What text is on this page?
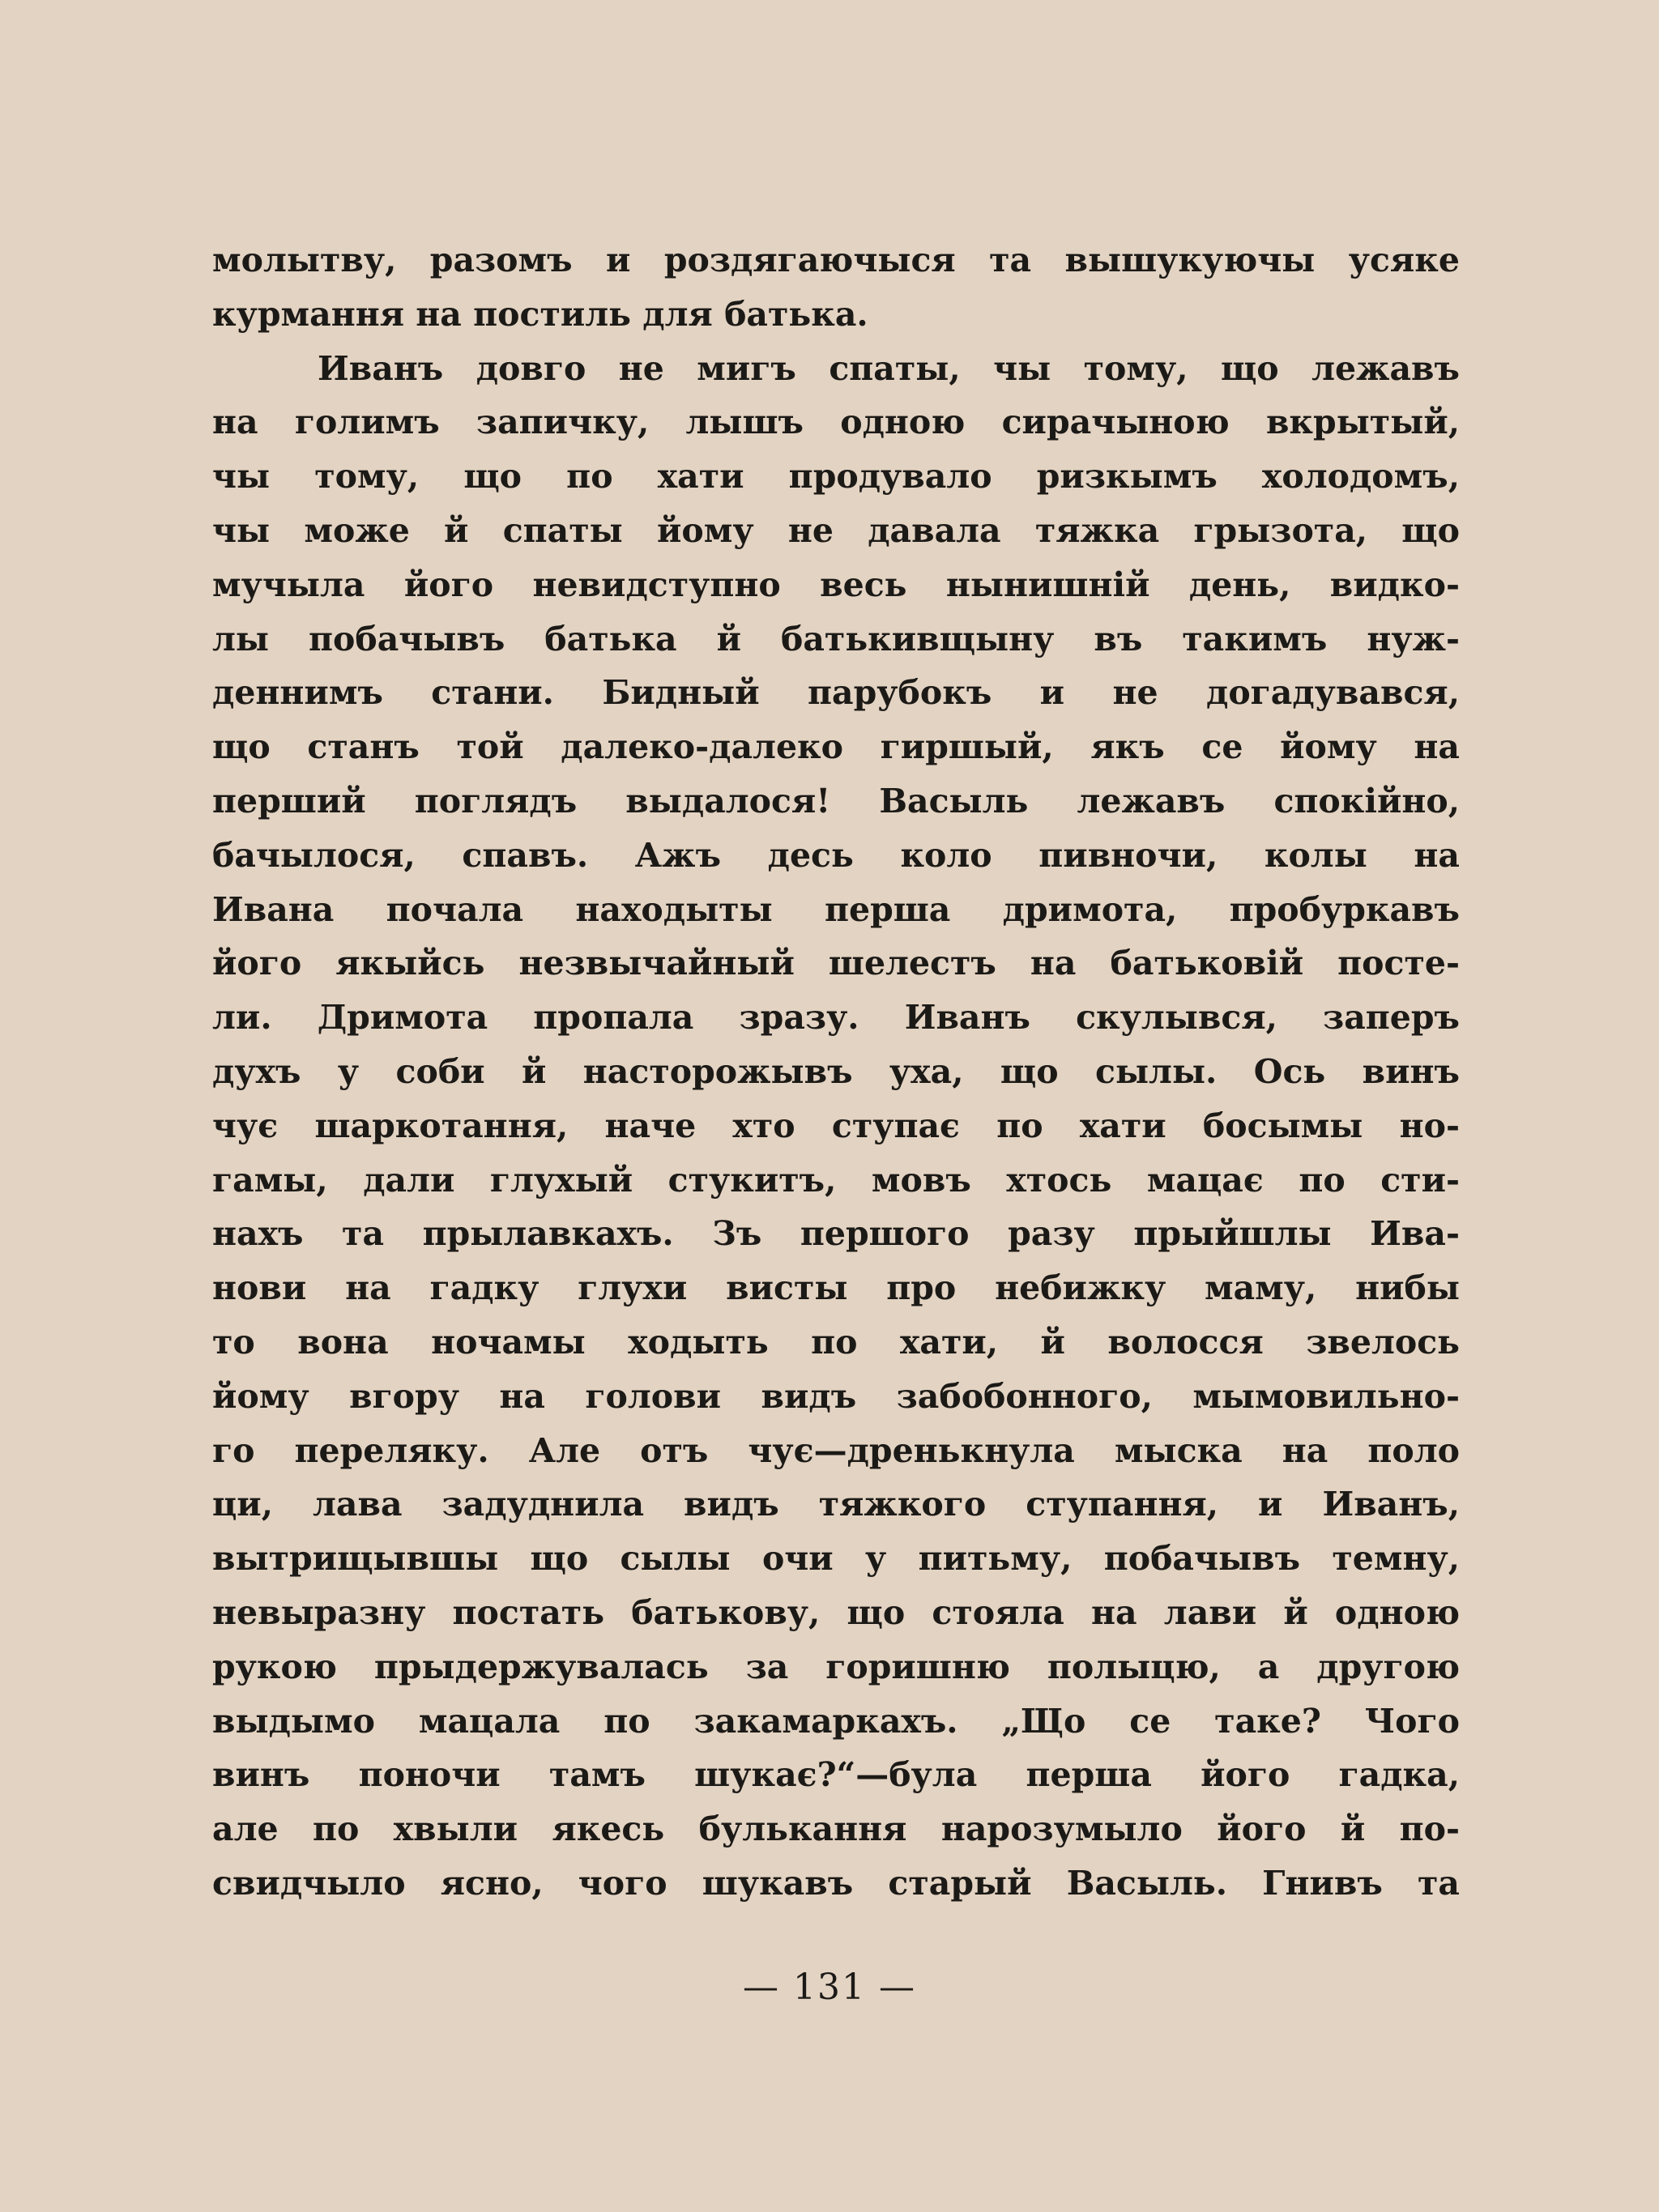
молытву, разомъ и роздягаючыся та вышукуючы усяке
курмання на постиль для батька.
Иванъ довго не мигъ спаты, чы тому, що лежавъ
на голимъ запичку, лышъ одною сирачыною вкрытый,
чы тому, що по хати продувало ризкымъ холодомъ,
чы може й спаты йому не давала тяжка грызота, що
мучыла його невидступно весь нынишній день, видко-
лы побачывъ батька й батькивщыну въ такимъ нуж-
деннимъ стани. Бидный парубокъ и не догадувався,
що станъ той далеко-далеко гиршый, якъ се йому на
перший поглядъ выдалося! Васыль лежавъ спокійно,
бачылося, спавъ. Ажъ десь коло пивночи, колы на
Ивана почала находыты перша дримота, пробуркавъ
його якыйсь незвычайный шелестъ на батьковій посте-
ли. Дримота пропала зразу. Иванъ скулывся, заперъ
духъ у соби й насторожывъ уха, що сылы. Ось винъ
чує шаркотання, наче хто ступає по хати босымы но-
гамы, дали глухый стукитъ, мовъ хтось мацає по сти-
нахъ та прылавкахъ. Зъ першого разу прыйшлы Ива-
нови на гадку глухи висты про небижку маму, нибы
то вона ночамы ходыть по хати, й волосся звелось
йому вгору на голови видъ забобонного, мымовильно-
го переляку. Але отъ чує—дренькнула мыска на поло
ци, лава задуднила видъ тяжкого ступання, и Иванъ,
вытрищывшы що сылы очи у питьму, побачывъ темну,
невыразну постать батькову, що стояла на лави й одною
рукою прыдержувалась за горишню полыцю, а другою
выдымо мацала по закамаркахъ. „Що се таке? Чого
винъ поночи тамъ шукає?“—була перша його гадка,
але по хвыли якесь булькання нарозумыло його й по-
свидчыло ясно, чого шукавъ старый Васыль. Гнивъ та
— 131 —
